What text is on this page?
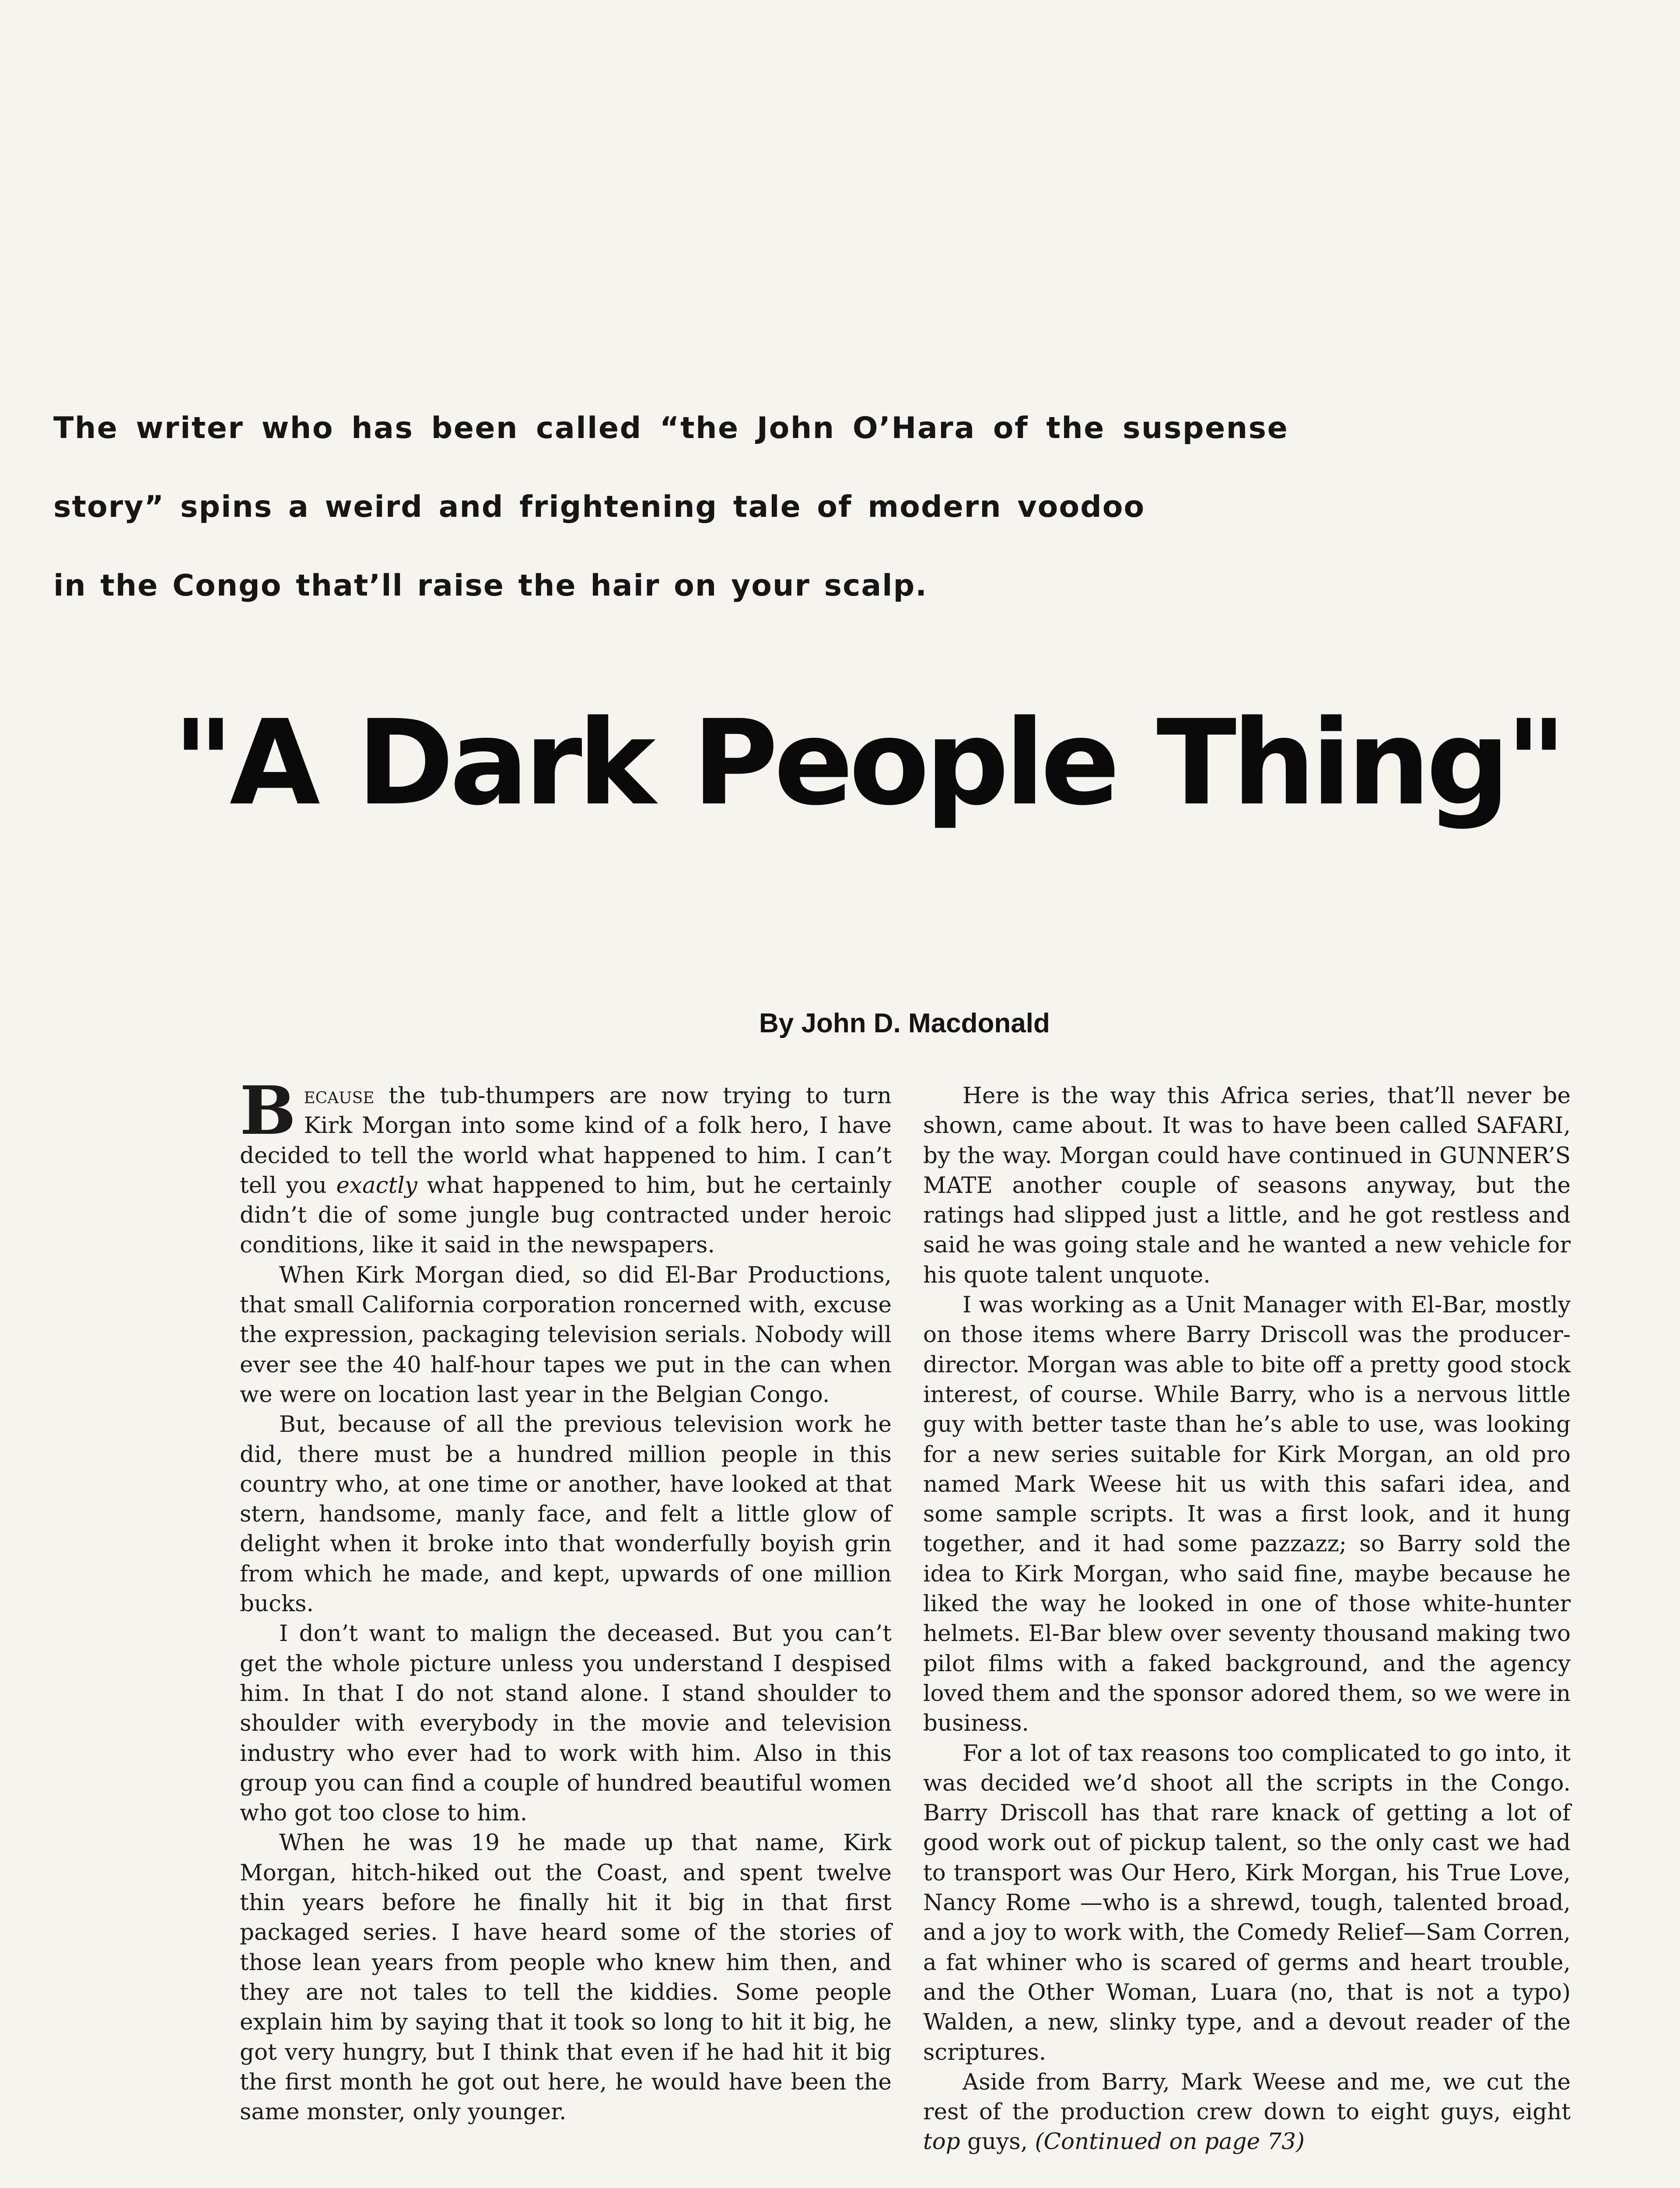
The writer who has been called “the John O’Hara of the suspense
story” spins a weird and frightening tale of modern voodoo
in the Congo that’ll raise the hair on your scalp.
"A Dark People Thing"
By John D. Macdonald

Because the tub-thumpers are now trying to turn Kirk Morgan into some kind of a folk hero, I have decided to tell the world what happened to him. I can’t tell you exactly what happened to him, but he certainly didn’t die of some jungle bug contracted under heroic conditions, like it said in the newspapers.

When Kirk Morgan died, so did El-Bar Productions, that small California corporation roncerned with, excuse the expression, packaging television serials. Nobody will ever see the 40 half-hour tapes we put in the can when we were on location last year in the Belgian Congo.

But, because of all the previous television work he did, there must be a hundred million people in this country who, at one time or another, have looked at that stern, handsome, manly face, and felt a little glow of delight when it broke into that wonderfully boyish grin from which he made, and kept, upwards of one million bucks.

I don’t want to malign the deceased. But you can’t get the whole picture unless you understand I despised him. In that I do not stand alone. I stand shoulder to shoulder with everybody in the movie and television industry who ever had to work with him. Also in this group you can find a couple of hundred beautiful women who got too close to him.

When he was 19 he made up that name, Kirk Morgan, hitch-hiked out the Coast, and spent twelve thin years before he finally hit it big in that first packaged series. I have heard some of the stories of those lean years from people who knew him then, and they are not tales to tell the kiddies. Some people explain him by saying that it took so long to hit it big, he got very hungry, but I think that even if he had hit it big the first month he got out here, he would have been the same monster, only younger.

Here is the way this Africa series, that’ll never be shown, came about. It was to have been called SAFARI, by the way. Morgan could have continued in GUNNER’S MATE another couple of seasons anyway, but the ratings had slipped just a little, and he got restless and said he was going stale and he wanted a new vehicle for his quote talent unquote.

I was working as a Unit Manager with El-Bar, mostly on those items where Barry Driscoll was the producer-director. Morgan was able to bite off a pretty good stock interest, of course. While Barry, who is a nervous little guy with better taste than he’s able to use, was looking for a new series suitable for Kirk Morgan, an old pro named Mark Weese hit us with this safari idea, and some sample scripts. It was a first look, and it hung together, and it had some pazzazz; so Barry sold the idea to Kirk Morgan, who said fine, maybe because he liked the way he looked in one of those white-hunter helmets. El-Bar blew over seventy thousand making two pilot films with a faked background, and the agency loved them and the sponsor adored them, so we were in business.

For a lot of tax reasons too complicated to go into, it was decided we’d shoot all the scripts in the Congo. Barry Driscoll has that rare knack of getting a lot of good work out of pickup talent, so the only cast we had to transport was Our Hero, Kirk Morgan, his True Love, Nancy Rome —who is a shrewd, tough, talented broad, and a joy to work with, the Comedy Relief—Sam Corren, a fat whiner who is scared of germs and heart trouble, and the Other Woman, Luara (no, that is not a typo) Walden, a new, slinky type, and a devout reader of the scriptures.

Aside from Barry, Mark Weese and me, we cut the rest of the production crew down to eight guys, eight top guys, (Continued on page 73)
